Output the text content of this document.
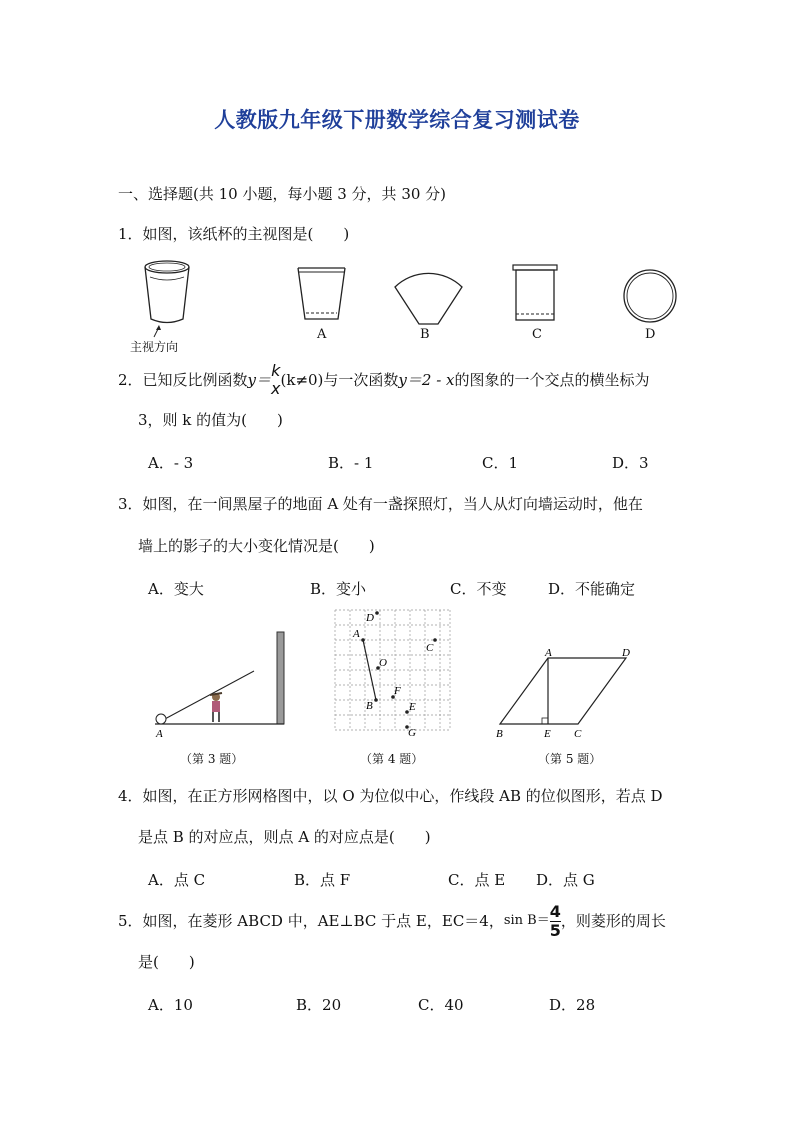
人教版九年级下册数学综合复习测试卷
一、选择题(共 10 小题，每小题 3 分，共 30 分)
1．如图，该纸杯的主视图是(　　)
主视方向
A	B	C	D
2．已知反比例函数 y＝ k
x (k≠0) 与一次函数 y＝2 - x 的图象的一个交点的横坐标为
3，则 k 的值为(　　)
A．- 3	B．- 1	C．1	D．3
3．如图，在一间黑屋子的地面 A 处有一盏探照灯，当人从灯向墙运动时，他在
墙上的影子的大小变化情况是(　　)
A．变大	B．变小	C．不变	D．不能确定
A
（第 3 题）
D
A
C
O
F
B	E
G
（第 4 题）
A	D
B	E C
（第 5 题）
4．如图，在正方形网格图中，以 O 为位似中心，作线段 AB 的位似图形，若点 D
是点 B 的对应点，则点 A 的对应点是(　　)
A．点 C	B．点 F	C．点 E D．点 G
5．如图，在菱形 ABCD 中，AE⊥BC 于点 E，EC＝4， $\sin B= \frac{4}{5}$ ，则菱形的周长
是(　　)
A．10	B．20	C．40	D．28
